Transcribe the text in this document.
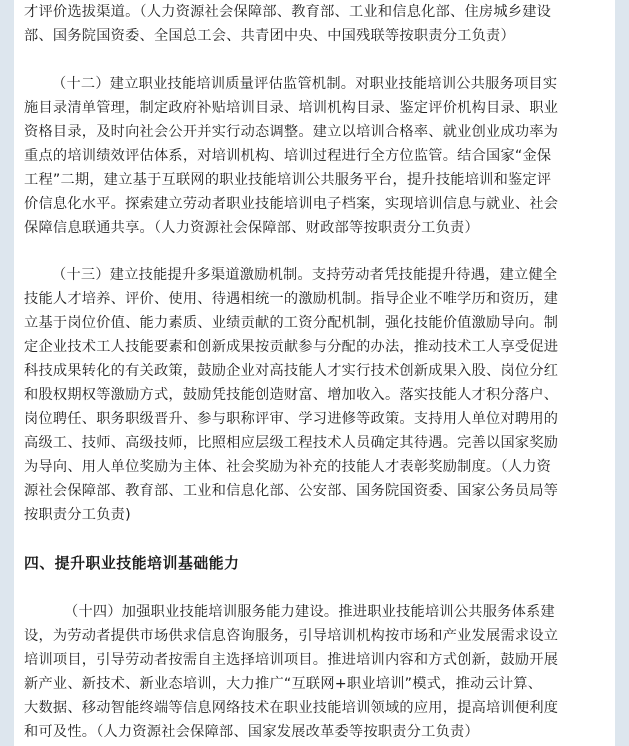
才评价选拔渠道。（人力资源社会保障部、教育部、工业和信息化部、住房城乡建设
部、国务院国资委、全国总工会、共青团中央、中国残联等按职责分工负责）
（十二）建立职业技能培训质量评估监管机制。对职业技能培训公共服务项目实
施目录清单管理，制定政府补贴培训目录、培训机构目录、鉴定评价机构目录、职业
资格目录，及时向社会公开并实行动态调整。建立以培训合格率、就业创业成功率为
重点的培训绩效评估体系，对培训机构、培训过程进行全方位监管。结合国家“金保
工程”二期，建立基于互联网的职业技能培训公共服务平台，提升技能培训和鉴定评
价信息化水平。探索建立劳动者职业技能培训电子档案，实现培训信息与就业、社会
保障信息联通共享。（人力资源社会保障部、财政部等按职责分工负责）
（十三）建立技能提升多渠道激励机制。支持劳动者凭技能提升待遇，建立健全
技能人才培养、评价、使用、待遇相统一的激励机制。指导企业不唯学历和资历，建
立基于岗位价值、能力素质、业绩贡献的工资分配机制，强化技能价值激励导向。制
定企业技术工人技能要素和创新成果按贡献参与分配的办法，推动技术工人享受促进
科技成果转化的有关政策，鼓励企业对高技能人才实行技术创新成果入股、岗位分红
和股权期权等激励方式，鼓励凭技能创造财富、增加收入。落实技能人才积分落户、
岗位聘任、职务职级晋升、参与职称评审、学习进修等政策。支持用人单位对聘用的
高级工、技师、高级技师，比照相应层级工程技术人员确定其待遇。完善以国家奖励
为导向、用人单位奖励为主体、社会奖励为补充的技能人才表彰奖励制度。（人力资
源社会保障部、教育部、工业和信息化部、公安部、国务院国资委、国家公务员局等
按职责分工负责)
四、提升职业技能培训基础能力
（十四）加强职业技能培训服务能力建设。推进职业技能培训公共服务体系建
设，为劳动者提供市场供求信息咨询服务，引导培训机构按市场和产业发展需求设立
培训项目，引导劳动者按需自主选择培训项目。推进培训内容和方式创新，鼓励开展
新产业、新技术、新业态培训，大力推广“互联网+职业培训”模式，推动云计算、
大数据、移动智能终端等信息网络技术在职业技能培训领域的应用，提高培训便利度
和可及性。（人力资源社会保障部、国家发展改革委等按职责分工负责）
